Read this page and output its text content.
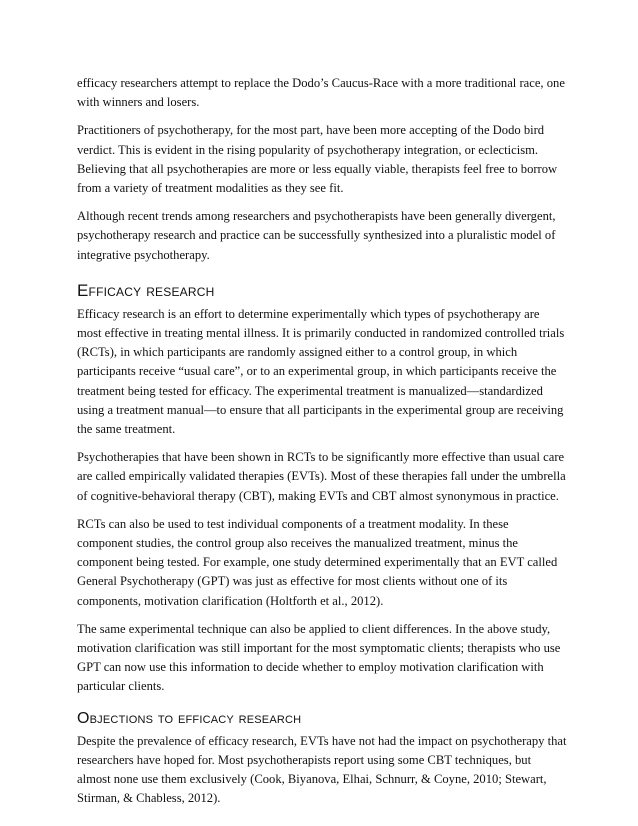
efficacy researchers attempt to replace the Dodo’s Caucus-Race with a more traditional race, one with winners and losers.

Practitioners of psychotherapy, for the most part, have been more accepting of the Dodo bird verdict. This is evident in the rising popularity of psychotherapy integration, or eclecticism. Believing that all psychotherapies are more or less equally viable, therapists feel free to borrow from a variety of treatment modalities as they see fit.

Although recent trends among researchers and psychotherapists have been generally divergent, psychotherapy research and practice can be successfully synthesized into a pluralistic model of integrative psychotherapy.

Efficacy research

Efficacy research is an effort to determine experimentally which types of psychotherapy are most effective in treating mental illness. It is primarily conducted in randomized controlled trials (RCTs), in which participants are randomly assigned either to a control group, in which participants receive “usual care”, or to an experimental group, in which participants receive the treatment being tested for efficacy. The experimental treatment is manualized—standardized using a treatment manual—to ensure that all participants in the experimental group are receiving the same treatment.

Psychotherapies that have been shown in RCTs to be significantly more effective than usual care are called empirically validated therapies (EVTs). Most of these therapies fall under the umbrella of cognitive-behavioral therapy (CBT), making EVTs and CBT almost synonymous in practice.

RCTs can also be used to test individual components of a treatment modality. In these component studies, the control group also receives the manualized treatment, minus the component being tested. For example, one study determined experimentally that an EVT called General Psychotherapy (GPT) was just as effective for most clients without one of its components, motivation clarification (Holtforth et al., 2012).

The same experimental technique can also be applied to client differences. In the above study, motivation clarification was still important for the most symptomatic clients; therapists who use GPT can now use this information to decide whether to employ motivation clarification with particular clients.

Objections to efficacy research

Despite the prevalence of efficacy research, EVTs have not had the impact on psychotherapy that researchers have hoped for. Most psychotherapists report using some CBT techniques, but almost none use them exclusively (Cook, Biyanova, Elhai, Schnurr, & Coyne, 2010; Stewart, Stirman, & Chabless, 2012).
